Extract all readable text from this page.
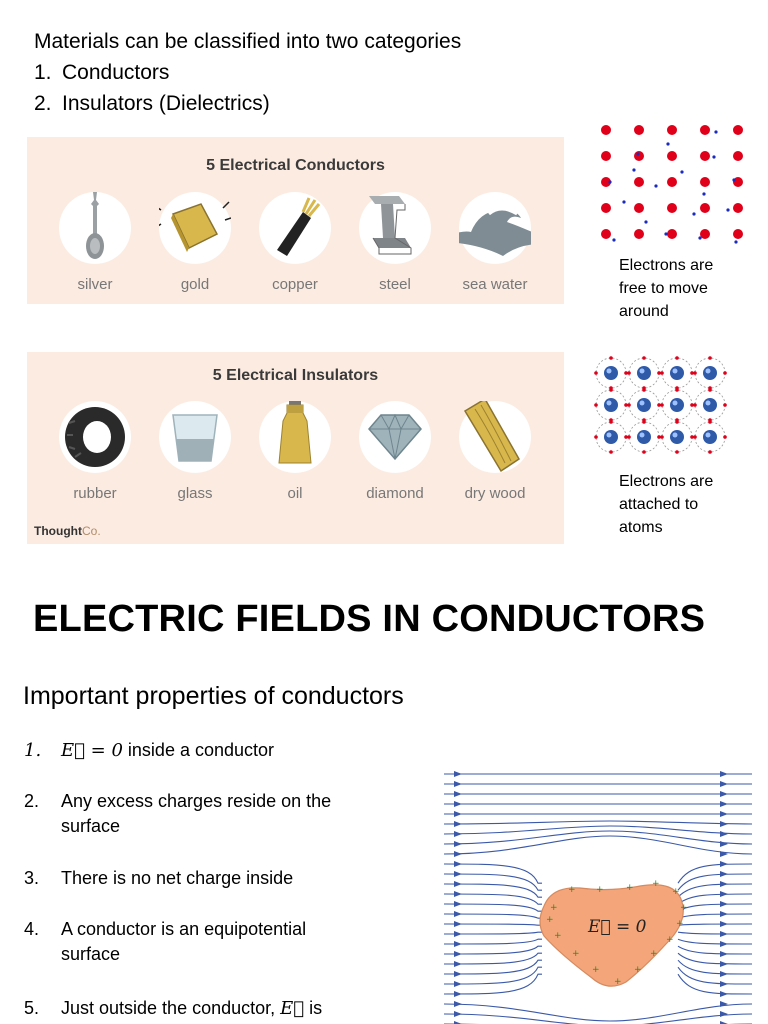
Materials can be classified into two categories
1. Conductors
2. Insulators (Dielectrics)
5 Electrical Conductors
silver	gold	copper	steel	sea water
Electrons are
free to move
around
5 Electrical Insulators
rubber	glass	oil	diamond	dry wood
ThoughtCo.
Electrons are
attached to
atoms
ELECTRIC FIELDS IN CONDUCTORS
Important properties of conductors
1.	E⃗ = 0 inside a conductor
2.	Any excess charges reside on the surface
3.	There is no net charge inside
4.	A conductor is an equipotential surface
5.	Just outside the conductor, E⃗ is
+
+ + + +
+
+
+
+
+
+
+
+
+
+
+ E⃗ = 0
